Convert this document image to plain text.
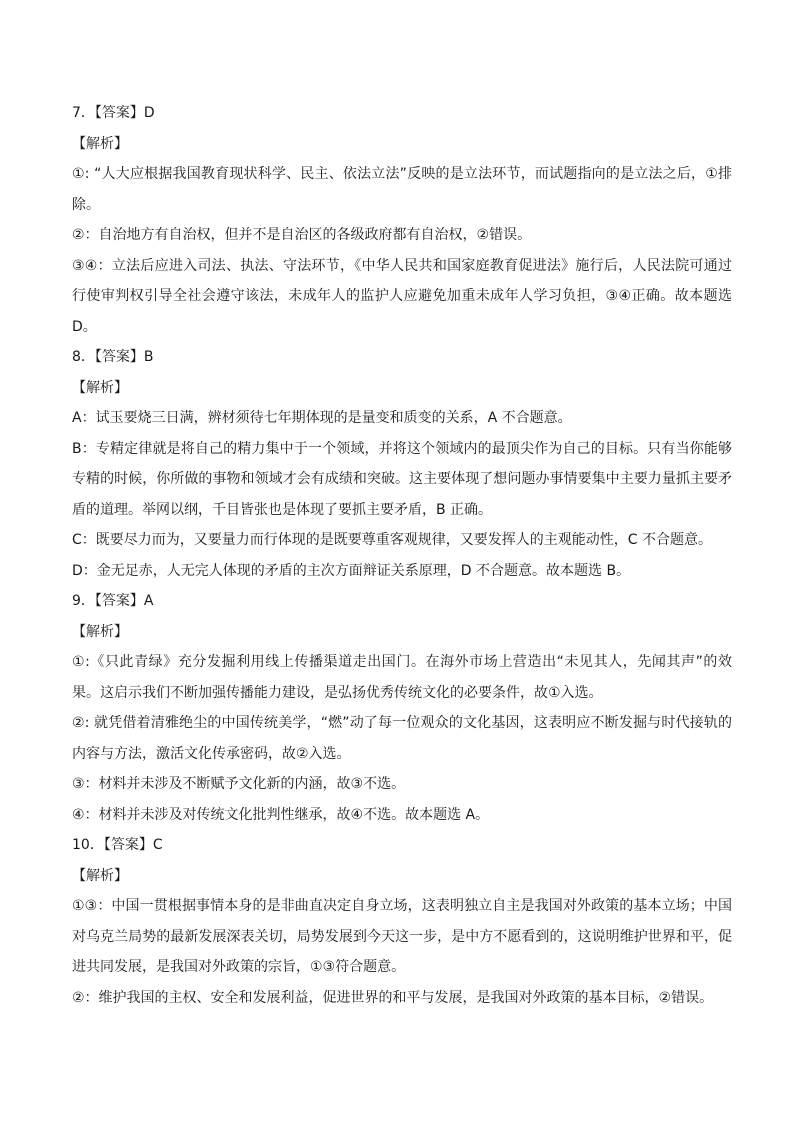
7．【答案】D

【解析】

①: “人大应根据我国教育现状科学、民主、依法立法”反映的是立法环节，而试题指向的是立法之后，①排除。

②：自治地方有自治权，但并不是自治区的各级政府都有自治权，②错误。

③④：立法后应进入司法、执法、守法环节，《中华人民共和国家庭教育促进法》施行后，人民法院可通过行使审判权引导全社会遵守该法，未成年人的监护人应避免加重未成年人学习负担，③④正确。故本题选D。

8．【答案】B

【解析】

A：试玉要烧三日满，辨材须待七年期体现的是量变和质变的关系，A 不合题意。

B：专精定律就是将自己的精力集中于一个领域，并将这个领域内的最顶尖作为自己的目标。只有当你能够专精的时候，你所做的事物和领域才会有成绩和突破。这主要体现了想问题办事情要集中主要力量抓主要矛盾的道理。举网以纲，千目皆张也是体现了要抓主要矛盾，B 正确。

C：既要尽力而为，又要量力而行体现的是既要尊重客观规律，又要发挥人的主观能动性，C 不合题意。

D：金无足赤，人无完人体现的矛盾的主次方面辩证关系原理，D 不合题意。故本题选 B。

9．【答案】A

【解析】

①:《只此青绿》充分发掘利用线上传播渠道走出国门。在海外市场上营造出“未见其人，先闻其声”的效果。这启示我们不断加强传播能力建设，是弘扬优秀传统文化的必要条件，故①入选。

②: 就凭借着清雅绝尘的中国传统美学，“燃”动了每一位观众的文化基因，这表明应不断发掘与时代接轨的内容与方法，激活文化传承密码，故②入选。

③：材料并未涉及不断赋予文化新的内涵，故③不选。

④：材料并未涉及对传统文化批判性继承，故④不选。故本题选 A。

10．【答案】C

【解析】

①③：中国一贯根据事情本身的是非曲直决定自身立场，这表明独立自主是我国对外政策的基本立场；中国对乌克兰局势的最新发展深表关切，局势发展到今天这一步，是中方不愿看到的，这说明维护世界和平，促进共同发展，是我国对外政策的宗旨，①③符合题意。

②：维护我国的主权、安全和发展利益，促进世界的和平与发展，是我国对外政策的基本目标，②错误。
